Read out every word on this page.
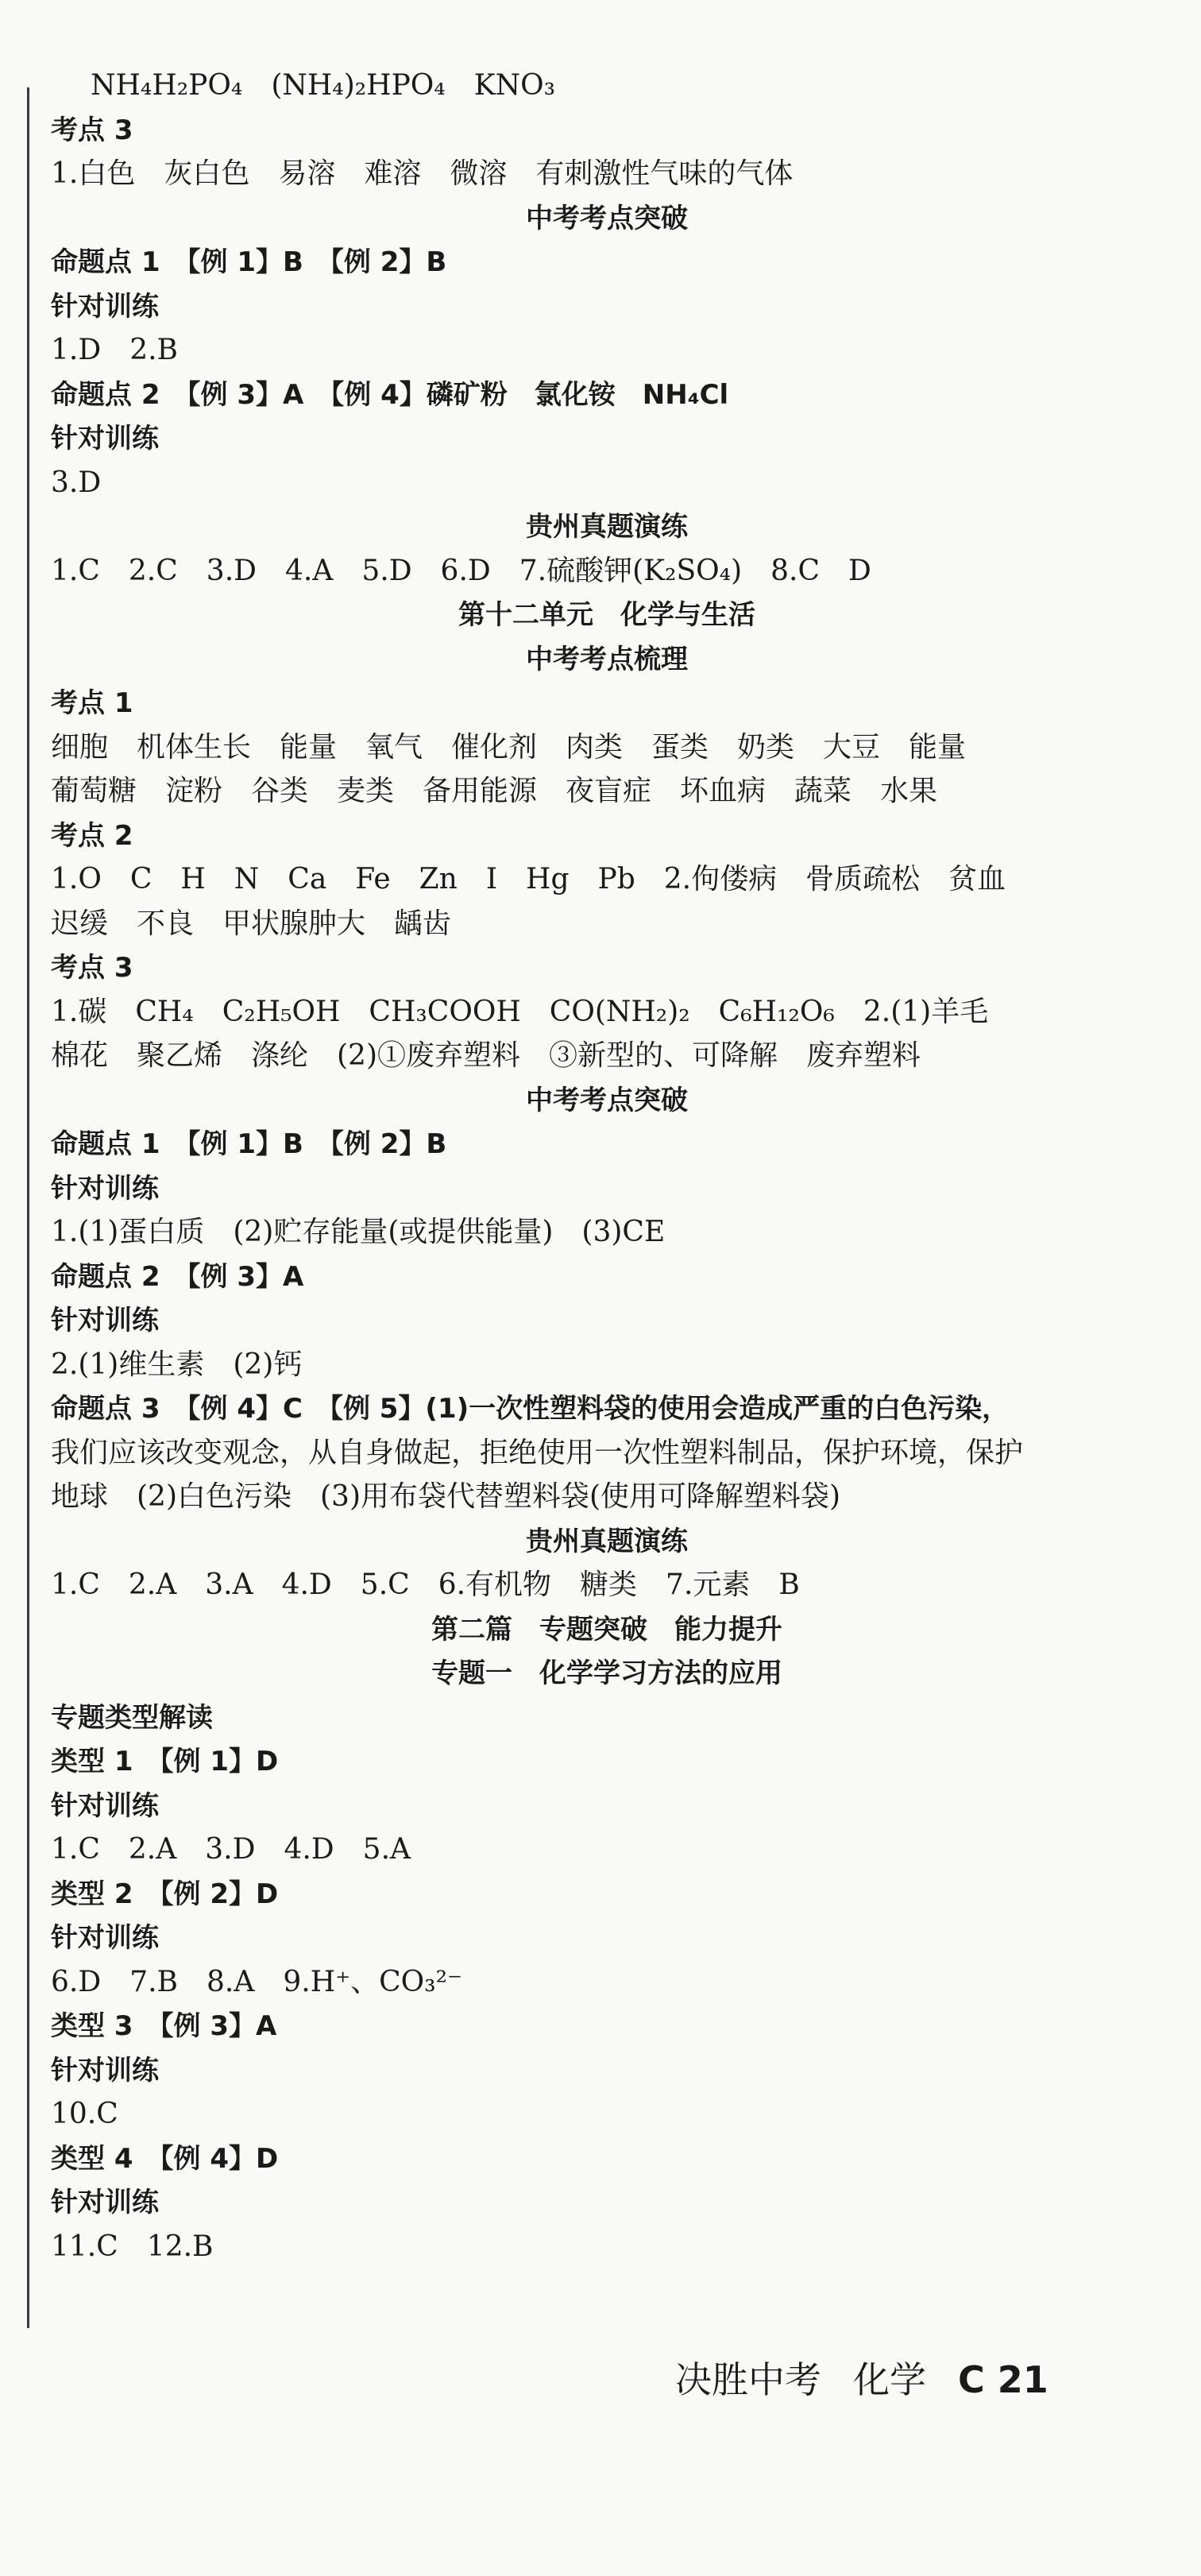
NH₄H₂PO₄　(NH₄)₂HPO₄　KNO₃
考点 3
1.白色　灰白色　易溶　难溶　微溶　有刺激性气味的气体
中考考点突破
命题点 1　【例 1】B　【例 2】B
针对训练
1.D　2.B
命题点 2　【例 3】A　【例 4】磷矿粉　氯化铵　NH₄Cl
针对训练
3.D
贵州真题演练
1.C　2.C　3.D　4.A　5.D　6.D　7.硫酸钾(K₂SO₄)　8.C　D
第十二单元　化学与生活
中考考点梳理
考点 1
细胞　机体生长　能量　氧气　催化剂　肉类　蛋类　奶类　大豆　能量
葡萄糖　淀粉　谷类　麦类　备用能源　夜盲症　坏血病　蔬菜　水果
考点 2
1.O　C　H　N　Ca　Fe　Zn　I　Hg　Pb　2.佝偻病　骨质疏松　贫血
迟缓　不良　甲状腺肿大　龋齿
考点 3
1.碳　CH₄　C₂H₅OH　CH₃COOH　CO(NH₂)₂　C₆H₁₂O₆　2.(1)羊毛
棉花　聚乙烯　涤纶　(2)①废弃塑料　③新型的、可降解　废弃塑料
中考考点突破
命题点 1　【例 1】B　【例 2】B
针对训练
1.(1)蛋白质　(2)贮存能量(或提供能量)　(3)CE
命题点 2　【例 3】A
针对训练
2.(1)维生素　(2)钙
命题点 3　【例 4】C　【例 5】(1)一次性塑料袋的使用会造成严重的白色污染，
我们应该改变观念，从自身做起，拒绝使用一次性塑料制品，保护环境，保护
地球　(2)白色污染　(3)用布袋代替塑料袋(使用可降解塑料袋)
贵州真题演练
1.C　2.A　3.A　4.D　5.C　6.有机物　糖类　7.元素　B
第二篇　专题突破　能力提升
专题一　化学学习方法的应用
专题类型解读
类型 1　【例 1】D
针对训练
1.C　2.A　3.D　4.D　5.A
类型 2　【例 2】D
针对训练
6.D　7.B　8.A　9.H⁺、CO₃²⁻
类型 3　【例 3】A
针对训练
10.C
类型 4　【例 4】D
针对训练
11.C　12.B
决胜中考 化学 C 21
